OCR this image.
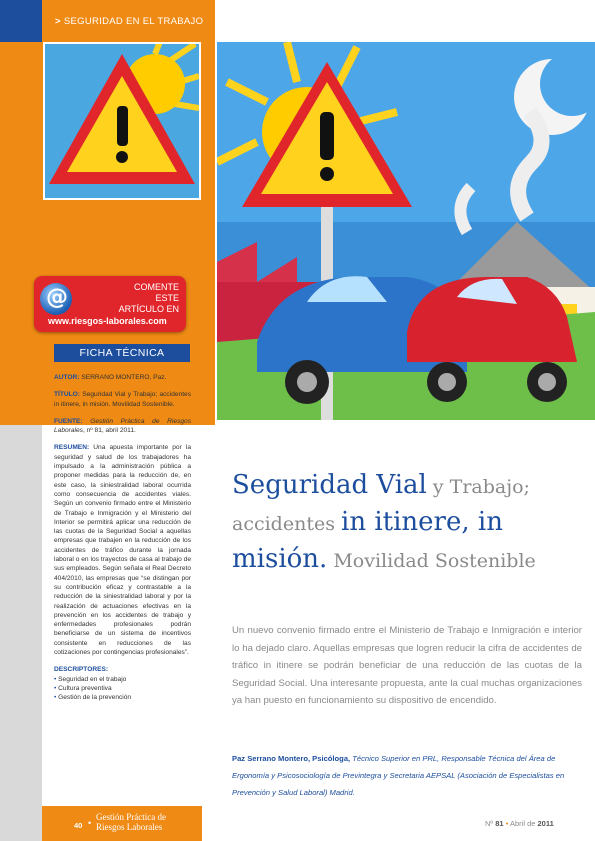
> SEGURIDAD EN EL TRABAJO
@	COMENTE ESTE ARTÍCULO EN
www.riesgos-laborales.com
FICHA TÉCNICA

AUTOR: SERRANO MONTERO, Paz.

TÍTULO: Seguridad Vial y Trabajo; accidentes in itinere, in misión. Movilidad Sostenible.

FUENTE: Gestión Práctica de Riesgos Laborales, nº 81, abril 2011.

RESUMEN: Una apuesta importante por la seguridad y salud de los trabajadores ha impulsado a la administración pública a proponer medidas para la reducción de, en este caso, la siniestralidad laboral ocurrida como consecuencia de accidentes viales. Según un convenio firmado entre el Ministerio de Trabajo e Inmigración y el Ministerio del Interior se permitirá aplicar una reducción de las cuotas de la Seguridad Social a aquellas empresas que trabajen en la reducción de los accidentes de tráfico durante la jornada laboral o en los trayectos de casa al trabajo de sus empleados. Según señala el Real Decreto 404/2010, las empresas que “se distingan por su contribución eficaz y contrastable a la reducción de la siniestralidad laboral y por la realización de actuaciones efectivas en la prevención en los accidentes de trabajo y enfermedades profesionales podrán beneficiarse de un sistema de incentivos consistente en reducciones de las cotizaciones por contingencias profesionales”.

DESCRIPTORES:

• Seguridad en el trabajo
• Cultura preventiva
• Gestión de la prevención
Seguridad Vial y Trabajo; accidentes in itinere, in misión. Movilidad Sostenible
Un nuevo convenio firmado entre el Ministerio de Trabajo e Inmigración e interior lo ha dejado claro. Aquellas empresas que logren reducir la cifra de accidentes de tráfico in itinere se podrán beneficiar de una reducción de las cuotas de la Seguridad Social. Una interesante propuesta, ante la cual muchas organizaciones ya han puesto en funcionamiento su dispositivo de encendido.
Paz Serrano Montero, Psicóloga, Técnico Superior en PRL, Responsable Técnica del Área de Ergonomía y Psicosociología de Previntegra y Secretaria AEPSAL (Asociación de Especialistas en Prevención y Salud Laboral) Madrid.
40 •
Gestión Práctica de
Riesgos Laborales	Nº 81 • Abril de 2011
